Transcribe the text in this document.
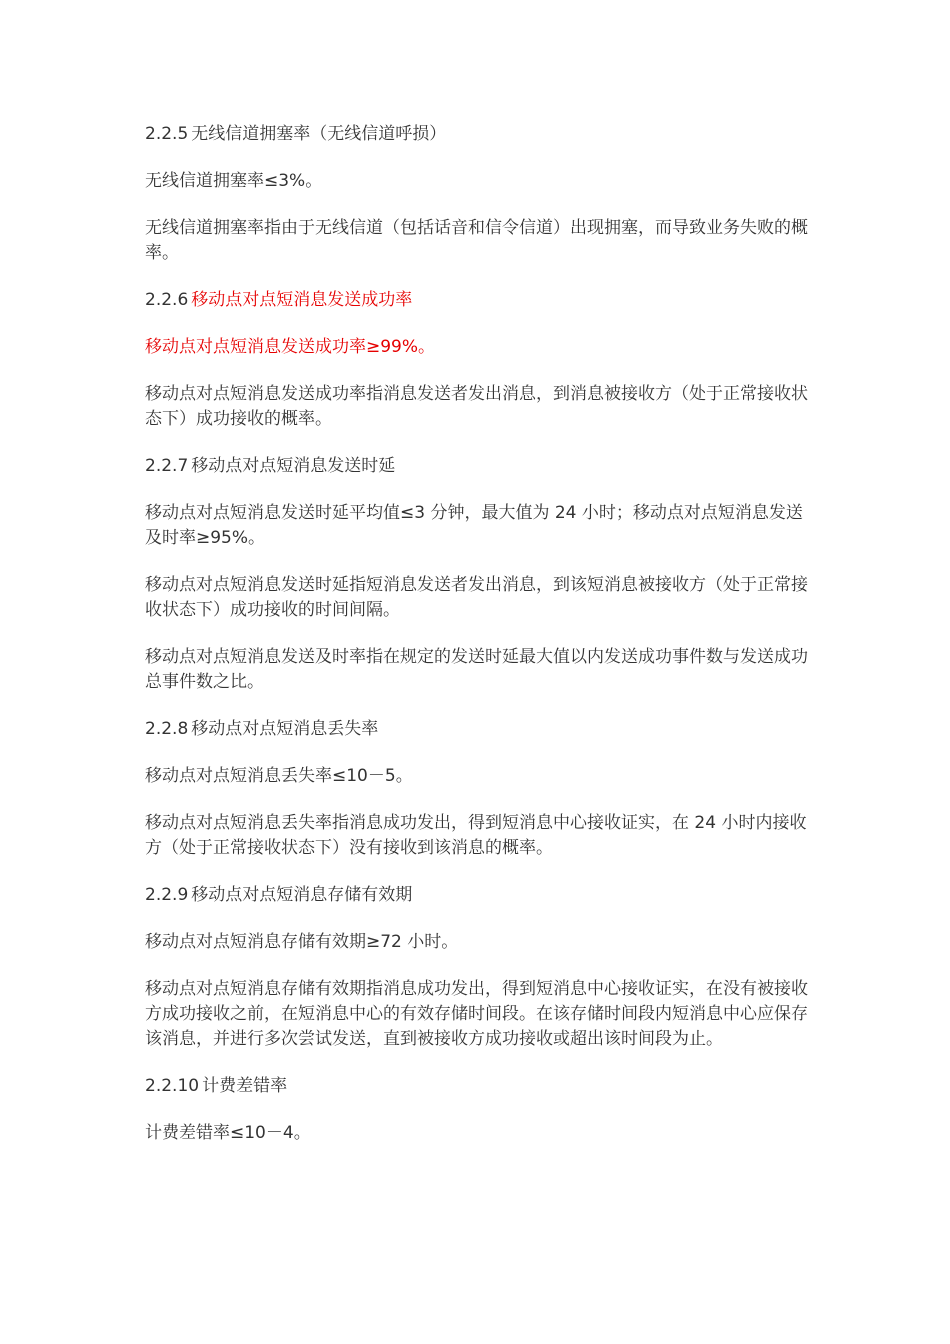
2.2.5 无线信道拥塞率（无线信道呼损）

无线信道拥塞率≤3%。

无线信道拥塞率指由于无线信道（包括话音和信令信道）出现拥塞，而导致业务失败的概率。

2.2.6 移动点对点短消息发送成功率

移动点对点短消息发送成功率≥99%。

移动点对点短消息发送成功率指消息发送者发出消息，到消息被接收方（处于正常接收状态下）成功接收的概率。

2.2.7 移动点对点短消息发送时延

移动点对点短消息发送时延平均值≤3 分钟，最大值为 24 小时；移动点对点短消息发送及时率≥95%。

移动点对点短消息发送时延指短消息发送者发出消息，到该短消息被接收方（处于正常接收状态下）成功接收的时间间隔。

移动点对点短消息发送及时率指在规定的发送时延最大值以内发送成功事件数与发送成功总事件数之比。

2.2.8 移动点对点短消息丢失率

移动点对点短消息丢失率≤10－5。

移动点对点短消息丢失率指消息成功发出，得到短消息中心接收证实，在 24 小时内接收方（处于正常接收状态下）没有接收到该消息的概率。

2.2.9 移动点对点短消息存储有效期

移动点对点短消息存储有效期≥72 小时。

移动点对点短消息存储有效期指消息成功发出，得到短消息中心接收证实，在没有被接收方成功接收之前，在短消息中心的有效存储时间段。在该存储时间段内短消息中心应保存该消息，并进行多次尝试发送，直到被接收方成功接收或超出该时间段为止。

2.2.10 计费差错率

计费差错率≤10－4。
